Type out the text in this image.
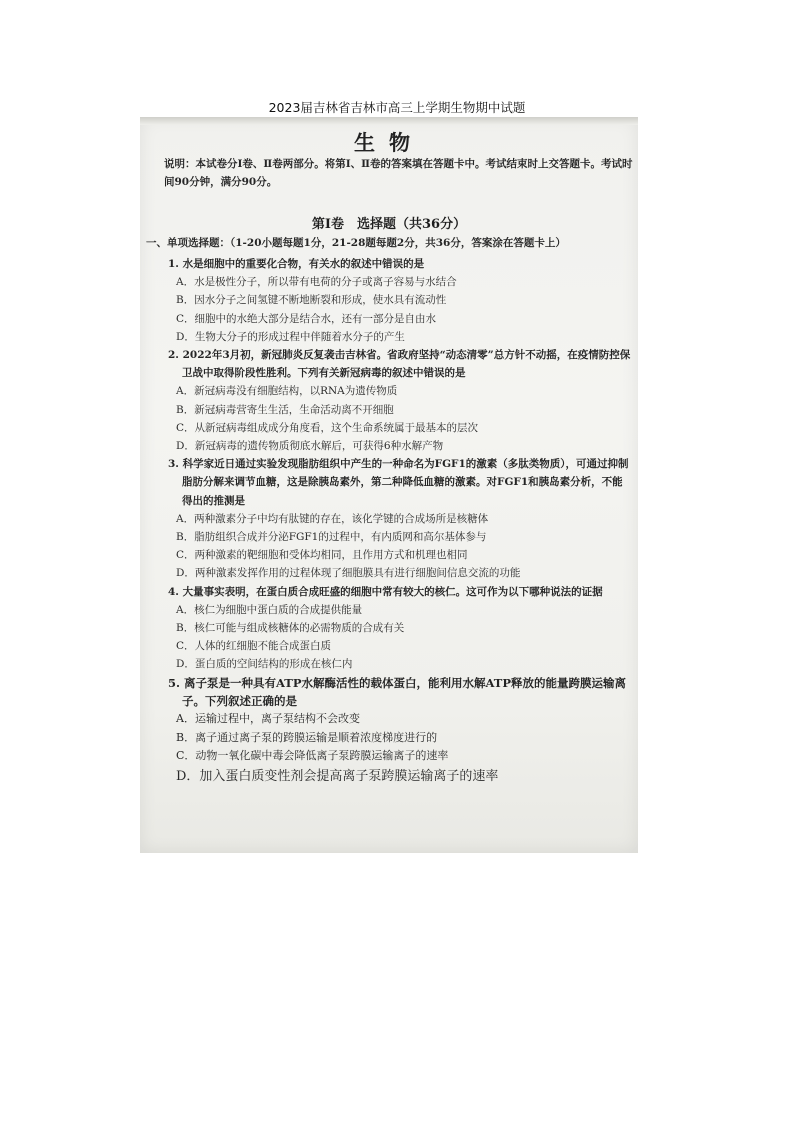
2023届吉林省吉林市高三上学期生物期中试题
生物
说明：本试卷分Ⅰ卷、Ⅱ卷两部分。将第Ⅰ、Ⅱ卷的答案填在答题卡中。考试结束时上交答题卡。考试时间90分钟，满分90分。
第Ⅰ卷　选择题（共36分）
一、单项选择题：（1-20小题每题1分，21-28题每题2分，共36分，答案涂在答题卡上）
1. 水是细胞中的重要化合物，有关水的叙述中错误的是
A．水是极性分子，所以带有电荷的分子或离子容易与水结合
B．因水分子之间氢键不断地断裂和形成，使水具有流动性
C．细胞中的水绝大部分是结合水，还有一部分是自由水
D．生物大分子的形成过程中伴随着水分子的产生
2. 2022年3月初，新冠肺炎反复袭击吉林省。省政府坚持“动态清零”总方针不动摇，在疫情防控保卫战中取得阶段性胜利。下列有关新冠病毒的叙述中错误的是
A．新冠病毒没有细胞结构，以RNA为遗传物质
B．新冠病毒营寄生生活，生命活动离不开细胞
C．从新冠病毒组成成分角度看，这个生命系统属于最基本的层次
D．新冠病毒的遗传物质彻底水解后，可获得6种水解产物
3. 科学家近日通过实验发现脂肪组织中产生的一种命名为FGF1的激素（多肽类物质），可通过抑制脂肪分解来调节血糖，这是除胰岛素外，第二种降低血糖的激素。对FGF1和胰岛素分析，不能得出的推测是
A．两种激素分子中均有肽键的存在，该化学键的合成场所是核糖体
B．脂肪组织合成并分泌FGF1的过程中，有内质网和高尔基体参与
C．两种激素的靶细胞和受体均相同，且作用方式和机理也相同
D．两种激素发挥作用的过程体现了细胞膜具有进行细胞间信息交流的功能
4. 大量事实表明，在蛋白质合成旺盛的细胞中常有较大的核仁。这可作为以下哪种说法的证据
A．核仁为细胞中蛋白质的合成提供能量
B．核仁可能与组成核糖体的必需物质的合成有关
C．人体的红细胞不能合成蛋白质
D．蛋白质的空间结构的形成在核仁内
5. 离子泵是一种具有ATP水解酶活性的载体蛋白，能利用水解ATP释放的能量跨膜运输离子。下列叙述正确的是
A．运输过程中，离子泵结构不会改变
B．离子通过离子泵的跨膜运输是顺着浓度梯度进行的
C．动物一氧化碳中毒会降低离子泵跨膜运输离子的速率
D．加入蛋白质变性剂会提高离子泵跨膜运输离子的速率
